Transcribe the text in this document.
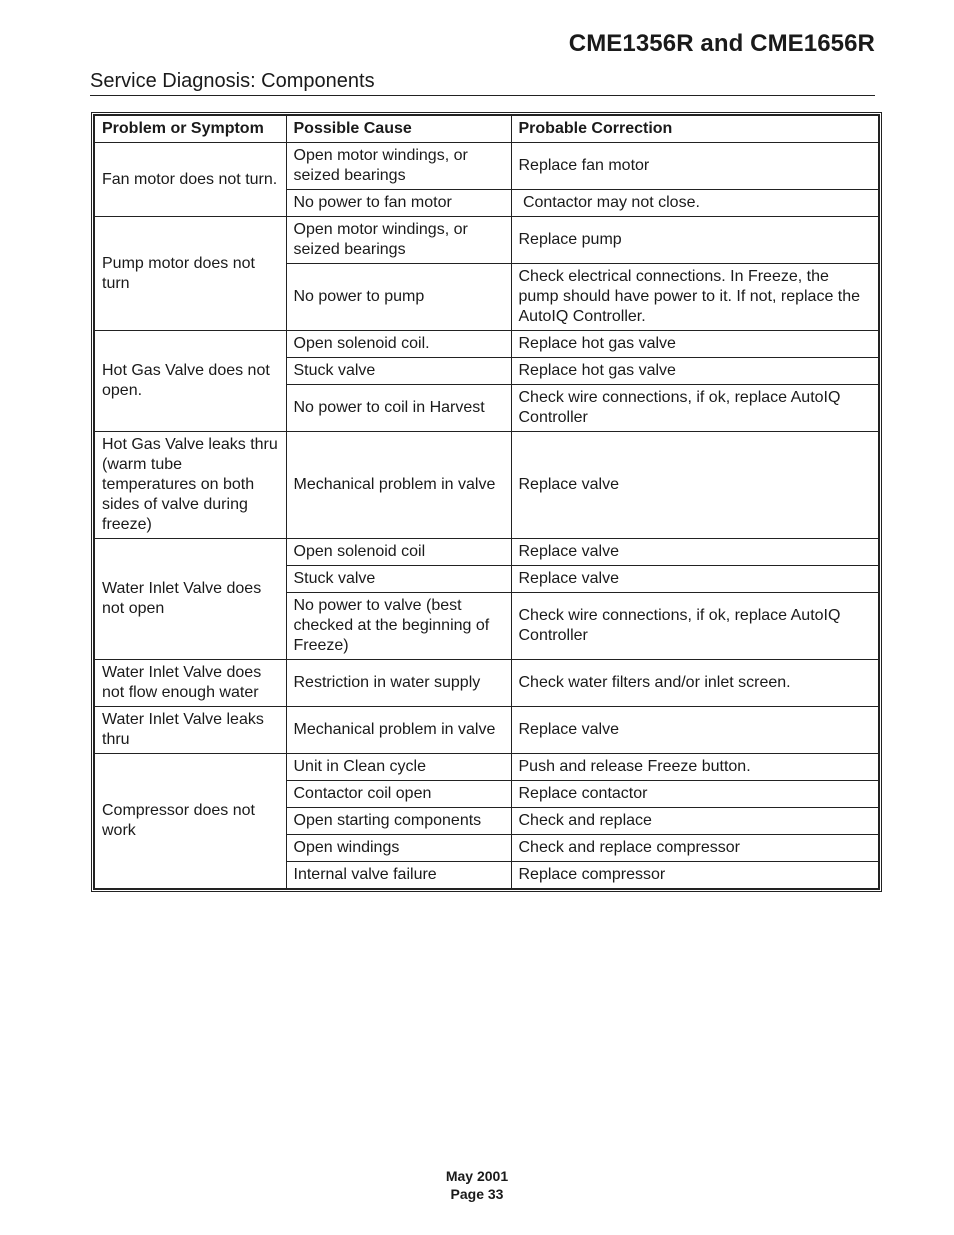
CME1356R and CME1656R
Service Diagnosis: Components
Problem or Symptom	Possible Cause	Probable Correction
Fan motor does not turn.	Open motor windings, or seized bearings	Replace fan motor
	No power to fan motor	Contactor may not close.
Pump motor does not turn	Open motor windings, or seized bearings	Replace pump
	No power to pump	Check electrical connections. In Freeze, the pump should have power to it. If not, replace the AutoIQ Controller.
Hot Gas Valve does not open.	Open solenoid coil.	Replace hot gas valve
	Stuck valve	Replace hot gas valve
	No power to coil in Harvest	Check wire connections, if ok, replace AutoIQ Controller
Hot Gas Valve leaks thru (warm tube temperatures on both sides of valve during freeze)	Mechanical problem in valve	Replace valve
Water Inlet Valve does not open	Open solenoid coil	Replace valve
	Stuck valve	Replace valve
	No power to valve (best checked at the beginning of Freeze)	Check wire connections, if ok, replace AutoIQ Controller
Water Inlet Valve does not flow enough water	Restriction in water supply	Check water filters and/or inlet screen.
Water Inlet Valve leaks thru	Mechanical problem in valve	Replace valve
Compressor does not work	Unit in Clean cycle	Push and release Freeze button.
	Contactor coil open	Replace contactor
	Open starting components	Check and replace
	Open windings	Check and replace compressor
	Internal valve failure	Replace compressor
May 2001
Page 33
